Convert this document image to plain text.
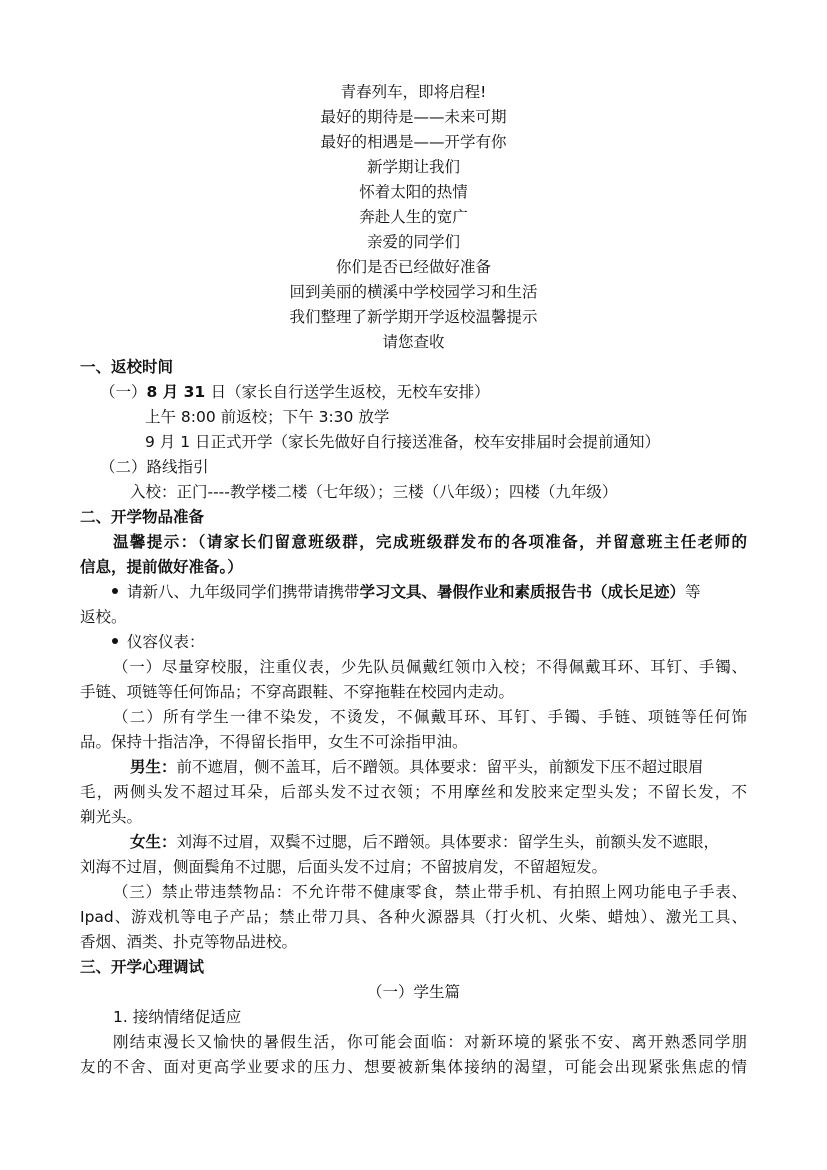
青春列车，即将启程!
最好的期待是——未来可期
最好的相遇是——开学有你
新学期让我们
怀着太阳的热情
奔赴人生的宽广
亲爱的同学们
你们是否已经做好准备
回到美丽的横溪中学校园学习和生活
我们整理了新学期开学返校温馨提示
请您查收
一、返校时间
（一）8 月 31 日（家长自行送学生返校，无校车安排）
上午 8:00 前返校；下午 3:30 放学
9 月 1 日正式开学（家长先做好自行接送准备，校车安排届时会提前通知）
（二）路线指引
入校：正门----教学楼二楼（七年级）；三楼（八年级）；四楼（九年级）
二、开学物品准备
温馨提示：（请家长们留意班级群，完成班级群发布的各项准备，并留意班主任老师的
信息，提前做好准备。）
请新八、九年级同学们携带请携带学习文具、暑假作业和素质报告书（成长足迹）等
返校。
仪容仪表：
（一）尽量穿校服，注重仪表，少先队员佩戴红领巾入校；不得佩戴耳环、耳钉、手镯、
手链、项链等任何饰品；不穿高跟鞋、不穿拖鞋在校园内走动。
（二）所有学生一律不染发，不烫发，不佩戴耳环、耳钉、手镯、手链、项链等任何饰
品。保持十指洁净，不得留长指甲，女生不可涂指甲油。
男生：前不遮眉，侧不盖耳，后不蹭领。具体要求：留平头，前额发下压不超过眼眉
毛，两侧头发不超过耳朵，后部头发不过衣领；不用摩丝和发胶来定型头发；不留长发，不
剃光头。
女生：刘海不过眉，双鬓不过腮，后不蹭领。具体要求：留学生头，前额头发不遮眼，
刘海不过眉，侧面鬓角不过腮，后面头发不过肩；不留披肩发，不留超短发。
（三）禁止带违禁物品：不允许带不健康零食，禁止带手机、有拍照上网功能电子手表、
Ipad、游戏机等电子产品；禁止带刀具、各种火源器具（打火机、火柴、蜡烛）、激光工具、
香烟、酒类、扑克等物品进校。
三、开学心理调试
（一）学生篇
1. 接纳情绪促适应
刚结束漫长又愉快的暑假生活，你可能会面临：对新环境的紧张不安、离开熟悉同学朋
友的不舍、面对更高学业要求的压力、想要被新集体接纳的渴望，可能会出现紧张焦虑的情
